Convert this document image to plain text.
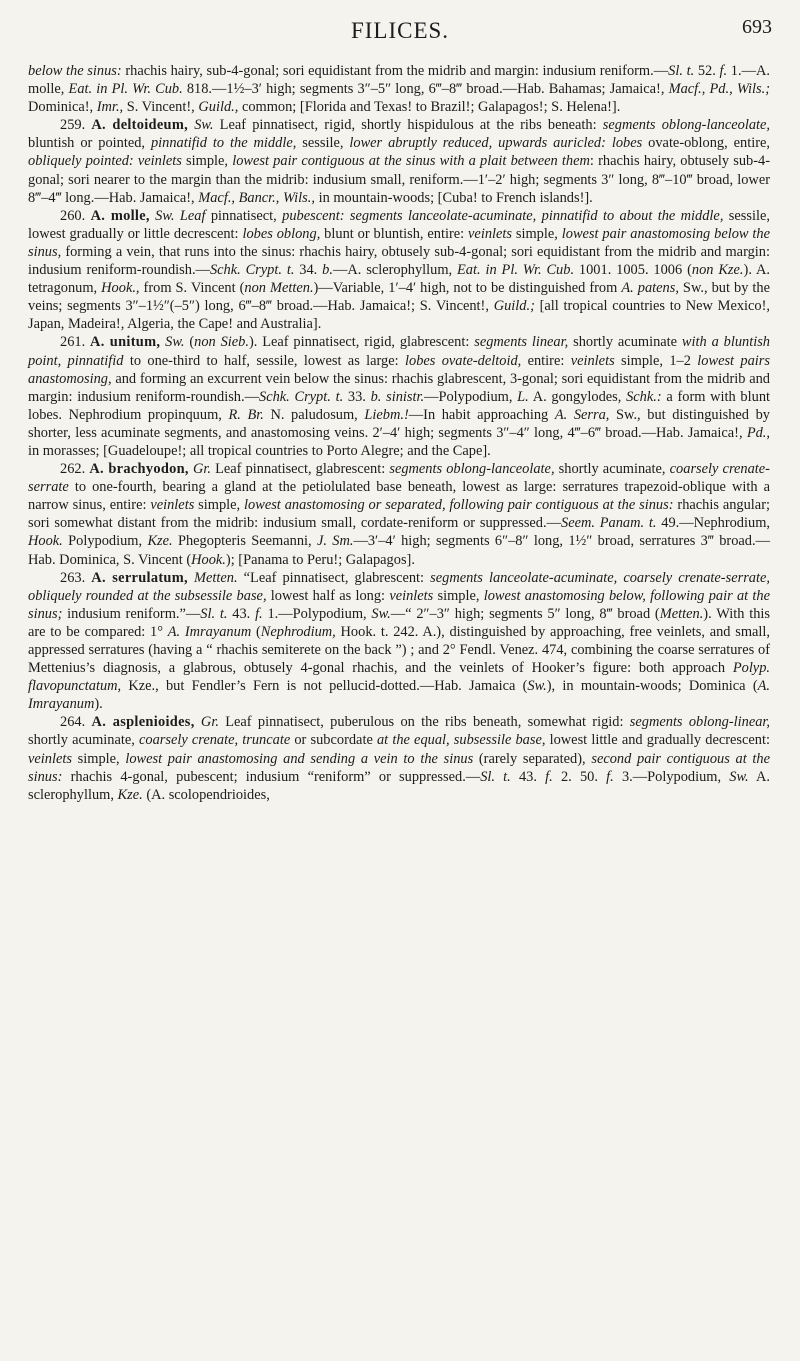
FILICES.	693

below the sinus: rhachis hairy, sub-4-gonal; sori equidistant from the midrib and margin: indusium reniform.—Sl. t. 52. f. 1.—A. molle, Eat. in Pl. Wr. Cub. 818.—1½–3′ high; segments 3″–5″ long, 6‴–8‴ broad.—Hab. Bahamas; Jamaica!, Macf., Pd., Wils.; Dominica!, Imr., S. Vincent!, Guild., common; [Florida and Texas! to Brazil!; Galapagos!; S. Helena!].

259. A. deltoideum, Sw. Leaf pinnatisect, rigid, shortly hispidulous at the ribs beneath: segments oblong-lanceolate, bluntish or pointed, pinnatifid to the middle, sessile, lower abruptly reduced, upwards auricled: lobes ovate-oblong, entire, obliquely pointed: veinlets simple, lowest pair contiguous at the sinus with a plait between them: rhachis hairy, obtusely sub-4-gonal; sori nearer to the margin than the midrib: indusium small, reniform.—1′–2′ high; segments 3″ long, 8‴–10‴ broad, lower 8‴–4‴ long.—Hab. Jamaica!, Macf., Bancr., Wils., in mountain-woods; [Cuba! to French islands!].

260. A. molle, Sw. Leaf pinnatisect, pubescent: segments lanceolate-acuminate, pinnatifid to about the middle, sessile, lowest gradually or little decrescent: lobes oblong, blunt or bluntish, entire: veinlets simple, lowest pair anastomosing below the sinus, forming a vein, that runs into the sinus: rhachis hairy, obtusely sub-4-gonal; sori equidistant from the midrib and margin: indusium reniform-roundish.—Schk. Crypt. t. 34. b.—A. sclerophyllum, Eat. in Pl. Wr. Cub. 1001. 1005. 1006 (non Kze.). A. tetragonum, Hook., from S. Vincent (non Metten.)—Variable, 1′–4′ high, not to be distinguished from A. patens, Sw., but by the veins; segments 3″–1½″(–5″) long, 6‴–8‴ broad.—Hab. Jamaica!; S. Vincent!, Guild.; [all tropical countries to New Mexico!, Japan, Madeira!, Algeria, the Cape! and Australia].

261. A. unitum, Sw. (non Sieb.). Leaf pinnatisect, rigid, glabrescent: segments linear, shortly acuminate with a bluntish point, pinnatifid to one-third to half, sessile, lowest as large: lobes ovate-deltoid, entire: veinlets simple, 1–2 lowest pairs anastomosing, and forming an excurrent vein below the sinus: rhachis glabrescent, 3-gonal; sori equidistant from the midrib and margin: indusium reniform-roundish.—Schk. Crypt. t. 33. b. sinistr.—Polypodium, L. A. gongylodes, Schk.: a form with blunt lobes. Nephrodium propinquum, R. Br. N. paludosum, Liebm.!—In habit approaching A. Serra, Sw., but distinguished by shorter, less acuminate segments, and anastomosing veins. 2′–4′ high; segments 3″–4″ long, 4‴–6‴ broad.—Hab. Jamaica!, Pd., in morasses; [Guadeloupe!; all tropical countries to Porto Alegre; and the Cape].

262. A. brachyodon, Gr. Leaf pinnatisect, glabrescent: segments oblong-lanceolate, shortly acuminate, coarsely crenate-serrate to one-fourth, bearing a gland at the petiolulated base beneath, lowest as large: serratures trapezoid-oblique with a narrow sinus, entire: veinlets simple, lowest anastomosing or separated, following pair contiguous at the sinus: rhachis angular; sori somewhat distant from the midrib: indusium small, cordate-reniform or suppressed.—Seem. Panam. t. 49.—Nephrodium, Hook. Polypodium, Kze. Phegopteris Seemanni, J. Sm.—3′–4′ high; segments 6″–8″ long, 1½″ broad, serratures 3‴ broad.—Hab. Dominica, S. Vincent (Hook.); [Panama to Peru!; Galapagos].

263. A. serrulatum, Metten. “Leaf pinnatisect, glabrescent: segments lanceolate-acuminate, coarsely crenate-serrate, obliquely rounded at the subsessile base, lowest half as long: veinlets simple, lowest anastomosing below, following pair at the sinus; indusium reniform.”—Sl. t. 43. f. 1.—Polypodium, Sw.—“ 2″–3″ high; segments 5″ long, 8‴ broad (Metten.). With this are to be compared: 1° A. Imrayanum (Nephrodium, Hook. t. 242. A.), distinguished by approaching, free veinlets, and small, appressed serratures (having a “ rhachis semiterete on the back ”) ; and 2° Fendl. Venez. 474, combining the coarse serratures of Mettenius’s diagnosis, a glabrous, obtusely 4-gonal rhachis, and the veinlets of Hooker’s figure: both approach Polyp. flavopunctatum, Kze., but Fendler’s Fern is not pellucid-dotted.—Hab. Jamaica (Sw.), in mountain-woods; Dominica (A. Imrayanum).

264. A. asplenioides, Gr. Leaf pinnatisect, puberulous on the ribs beneath, somewhat rigid: segments oblong-linear, shortly acuminate, coarsely crenate, truncate or subcordate at the equal, subsessile base, lowest little and gradually decrescent: veinlets simple, lowest pair anastomosing and sending a vein to the sinus (rarely separated), second pair contiguous at the sinus: rhachis 4-gonal, pubescent; indusium “reniform” or suppressed.—Sl. t. 43. f. 2. 50. f. 3.—Polypodium, Sw. A. sclerophyllum, Kze. (A. scolopendrioides,
